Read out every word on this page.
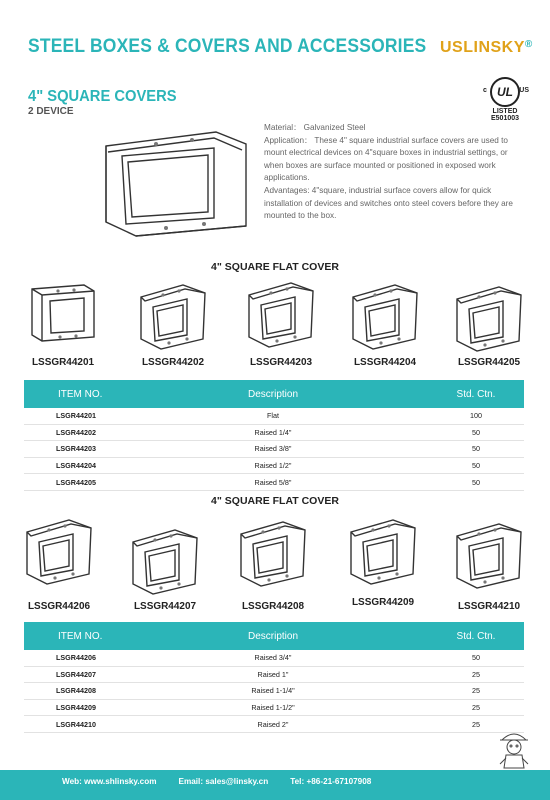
STEEL BOXES & COVERS AND ACCESSORIES USLINSKY®
c UL US
LISTED
E501003
4" SQUARE COVERS
2 DEVICE

Material： Galvanized Steel

Application： These 4" square industrial surface covers are used to mount electrical devices on 4"square boxes in industrial settings, or when boxes are surface mounted or positioned in exposed work applications.

Advantages: 4"square, industrial surface covers allow for quick installation of devices and switches onto steel covers before they are mounted to the box.

4" SQUARE FLAT COVER
LSSGR44201	LSSGR44202	LSSGR44203	LSSGR44204	LSSGR44205
ITEM NO.	Description	Std. Ctn.
LSGR44201	Flat	100
LSGR44202	Raised 1/4"	50
LSGR44203	Raised 3/8"	50
LSGR44204	Raised 1/2"	50
LSGR44205	Raised 5/8"	50
4" SQUARE FLAT COVER
LSSGR44206	LSSGR44207	LSSGR44208	LSSGR44209	LSSGR44210
ITEM NO.	Description	Std. Ctn.
LSGR44206	Raised 3/4"	50
LSGR44207	Raised 1"	25
LSGR44208	Raised 1-1/4"	25
LSGR44209	Raised 1-1/2"	25
LSGR44210	Raised 2"	25
Web: www.shlinsky.com	Email: sales@linsky.cn	Tel: +86-21-67107908
